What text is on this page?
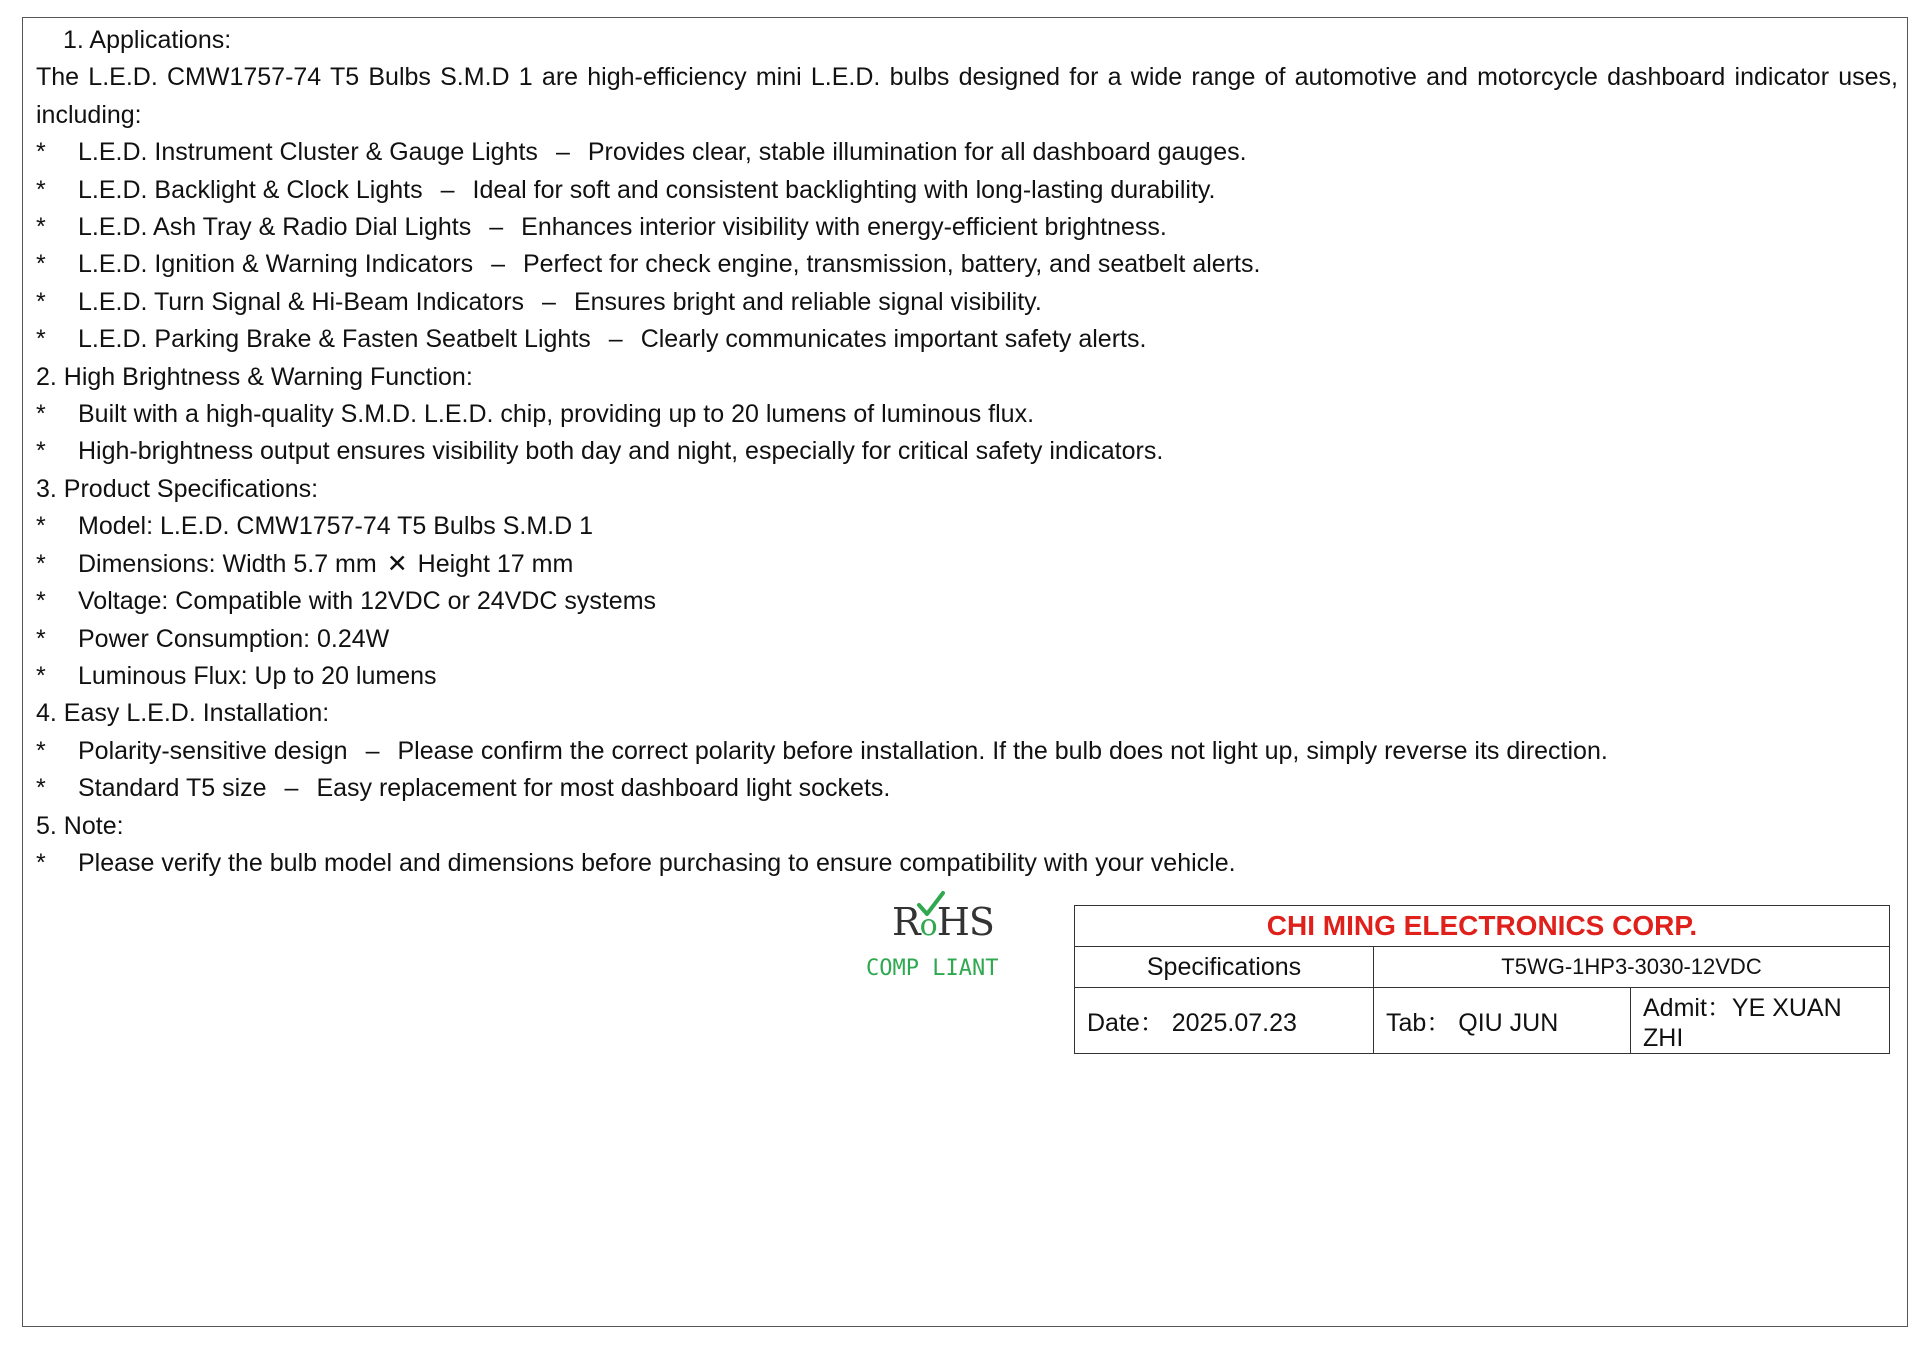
1. Applications:
The L.E.D. CMW1757-74 T5 Bulbs S.M.D 1 are high-efficiency mini L.E.D. bulbs designed for a wide range of automotive and motorcycle dashboard indicator uses, including:
* L.E.D. Instrument Cluster & Gauge Lights – Provides clear, stable illumination for all dashboard gauges.
* L.E.D. Backlight & Clock Lights – Ideal for soft and consistent backlighting with long-lasting durability.
* L.E.D. Ash Tray & Radio Dial Lights – Enhances interior visibility with energy-efficient brightness.
* L.E.D. Ignition & Warning Indicators – Perfect for check engine, transmission, battery, and seatbelt alerts.
* L.E.D. Turn Signal & Hi-Beam Indicators – Ensures bright and reliable signal visibility.
* L.E.D. Parking Brake & Fasten Seatbelt Lights – Clearly communicates important safety alerts.
2. High Brightness & Warning Function:
* Built with a high-quality S.M.D. L.E.D. chip, providing up to 20 lumens of luminous flux.
* High-brightness output ensures visibility both day and night, especially for critical safety indicators.
3. Product Specifications:
* Model: L.E.D. CMW1757-74 T5 Bulbs S.M.D 1
* Dimensions: Width 5.7 mm ✕ Height 17 mm
* Voltage: Compatible with 12VDC or 24VDC systems
* Power Consumption: 0.24W
* Luminous Flux: Up to 20 lumens
4. Easy L.E.D. Installation:
* Polarity-sensitive design – Please confirm the correct polarity before installation. If the bulb does not light up, simply reverse its direction.
* Standard T5 size – Easy replacement for most dashboard light sockets.
5. Note:
* Please verify the bulb model and dimensions before purchasing to ensure compatibility with your vehicle.
RoHS
COMP LIANT
CHI MING ELECTRONICS CORP.		
Specifications	T5WG-1HP3-3030-12VDC	
Date： 2025.07.23	Tab： QIU JUN	Admit：YE XUAN ZHI
